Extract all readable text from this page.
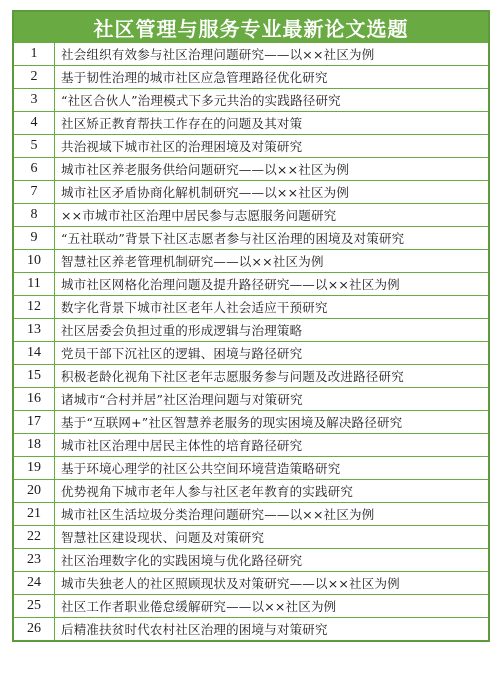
社区管理与服务专业最新论文选题
1	社会组织有效参与社区治理问题研究——以××社区为例
2	基于韧性治理的城市社区应急管理路径优化研究
3	“社区合伙人”治理模式下多元共治的实践路径研究
4	社区矫正教育帮扶工作存在的问题及其对策
5	共治视域下城市社区的治理困境及对策研究
6	城市社区养老服务供给问题研究——以××社区为例
7	城市社区矛盾协商化解机制研究——以××社区为例
8	××市城市社区治理中居民参与志愿服务问题研究
9	“五社联动”背景下社区志愿者参与社区治理的困境及对策研究
10	智慧社区养老管理机制研究——以××社区为例
11	城市社区网格化治理问题及提升路径研究——以××社区为例
12	数字化背景下城市社区老年人社会适应干预研究
13	社区居委会负担过重的形成逻辑与治理策略
14	党员干部下沉社区的逻辑、困境与路径研究
15	积极老龄化视角下社区老年志愿服务参与问题及改进路径研究
16	诸城市“合村并居”社区治理问题与对策研究
17	基于“互联网+”社区智慧养老服务的现实困境及解决路径研究
18	城市社区治理中居民主体性的培育路径研究
19	基于环境心理学的社区公共空间环境营造策略研究
20	优势视角下城市老年人参与社区老年教育的实践研究
21	城市社区生活垃圾分类治理问题研究——以××社区为例
22	智慧社区建设现状、问题及对策研究
23	社区治理数字化的实践困境与优化路径研究
24	城市失独老人的社区照顾现状及对策研究——以××社区为例
25	社区工作者职业倦怠缓解研究——以××社区为例
26	后精准扶贫时代农村社区治理的困境与对策研究
